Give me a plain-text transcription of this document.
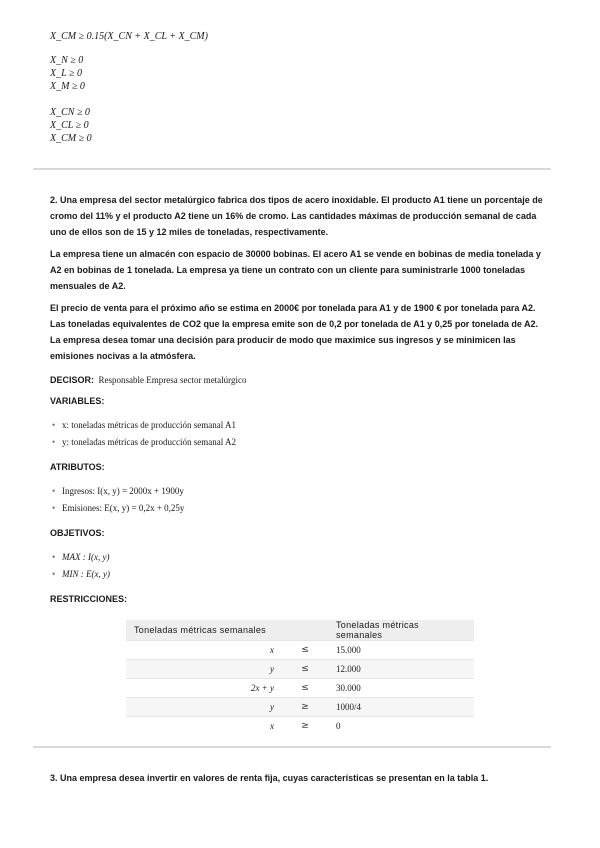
X_CM ≥ 0.15(X_CN + X_CL + X_CM)
X_N ≥ 0
X_L ≥ 0
X_M ≥ 0
X_CN ≥ 0
X_CL ≥ 0
X_CM ≥ 0

2. Una empresa del sector metalúrgico fabrica dos tipos de acero inoxidable. El producto A1 tiene un porcentaje de cromo del 11% y el producto A2 tiene un 16% de cromo. Las cantidades máximas de producción semanal de cada uno de ellos son de 15 y 12 miles de toneladas, respectivamente.

La empresa tiene un almacén con espacio de 30000 bobinas. El acero A1 se vende en bobinas de media tonelada y A2 en bobinas de 1 tonelada. La empresa ya tiene un contrato con un cliente para suministrarle 1000 toneladas mensuales de A2.

El precio de venta para el próximo año se estima en 2000€ por tonelada para A1 y de 1900 € por tonelada para A2. Las toneladas equivalentes de CO2 que la empresa emite son de 0,2 por tonelada de A1 y 0,25 por tonelada de A2. La empresa desea tomar una decisión para producir de modo que maximice sus ingresos y se minimicen las emisiones nocivas a la atmósfera.

DECISOR: Responsable Empresa sector metalúrgico
VARIABLES:
• x: toneladas métricas de producción semanal A1
• y: toneladas métricas de producción semanal A2
ATRIBUTOS:
• Ingresos: I(x, y) = 2000x + 1900y
• Emisiones: E(x, y) = 0,2x + 0,25y
OBJETIVOS:
• MAX : I(x, y)
• MIN : E(x, y)
RESTRICCIONES:
Toneladas métricas semanales		Toneladas métricas semanales
x	≤	15.000
y	≤	12.000
2x + y	≤	30.000
y	≥	1000/4
x	≥	0

3. Una empresa desea invertir en valores de renta fija, cuyas características se presentan en la tabla 1.
